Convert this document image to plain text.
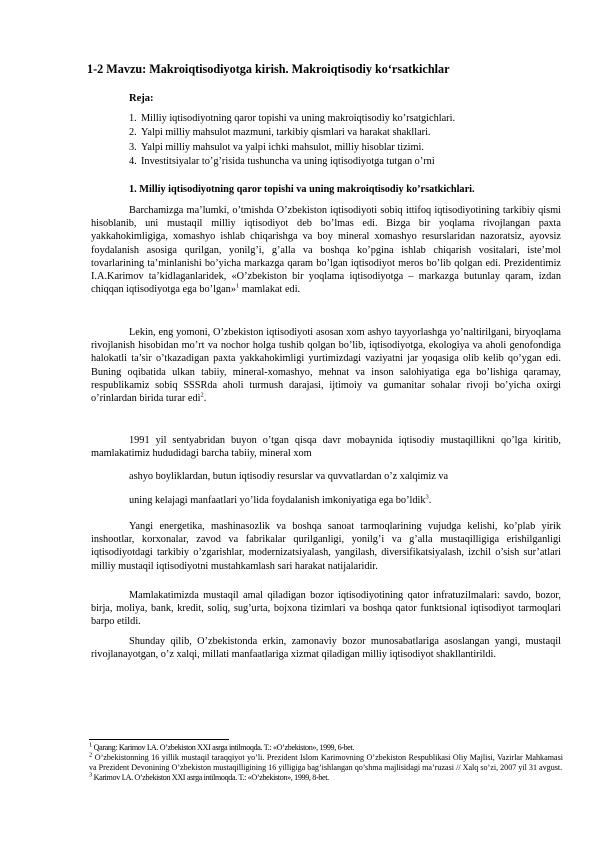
1-2 Mavzu: Makroiqtisodiyotga kirish. Makroiqtisodiy ko‘rsatkichlar
Reja:
1. Milliy iqtisodiyotning qaror topishi va uning makroiqtisodiy ko’rsatgichlari.
2. Yalpi milliy mahsulot mazmuni, tarkibiy qismlari va harakat shakllari.
3. Yalpi milliy mahsulot va yalpi ichki mahsulot, milliy hisoblar tizimi.
4. Investitsiyalar to’g’risida tushuncha va uning iqtisodiyotga tutgan o’rni
1. Milliy iqtisodiyotning qaror topishi va uning makroiqtisodiy ko’rsatkichlari.

Barchamizga ma’lumki, o’tmishda O’zbekiston iqtisodiyoti sobiq ittifoq iqtisodiyotining tarkibiy qismi hisoblanib, uni mustaqil milliy iqtisodiyot deb bo’lmas edi. Bizga bir yoqlama rivojlangan paxta yakkahokimligiga, xomashyo ishlab chiqarishga va boy mineral xomashyo resurslaridan nazoratsiz, ayovsiz foydalanish asosiga qurilgan, yonilg’i, g’alla va boshqa ko’pgina ishlab chiqarish vositalari, iste’mol tovarlarining ta’minlanishi bo’yicha markazga qaram bo’lgan iqtisodiyot meros bo’lib qolgan edi. Prezidentimiz I.A.Karimov ta’kidlaganlaridek, «O’zbekiston bir yoqlama iqtisodiyotga – markazga butunlay qaram, izdan chiqqan iqtisodiyotga ega bo’lgan»$^1$ mamlakat edi.

Lekin, eng yomoni, O’zbekiston iqtisodiyoti asosan xom ashyo tayyorlashga yo’naltirilgani, biryoqlama rivojlanish hisobidan mo’rt va nochor holga tushib qolgan bo’lib, iqtisodiyotga, ekologiya va aholi genofondiga halokatli ta’sir o’tkazadigan paxta yakkahokimligi yurtimizdagi vaziyatni jar yoqasiga olib kelib qo’ygan edi. Buning oqibatida ulkan tabiiy, mineral-xomashyo, mehnat va inson salohiyatiga ega bo’lishiga qaramay, respublikamiz sobiq SSSRda aholi turmush darajasi, ijtimoiy va gumanitar sohalar rivoji bo’yicha oxirgi o’rinlardan birida turar edi$^2$.

1991 yil sentyabridan buyon o’tgan qisqa davr mobaynida iqtisodiy mustaqillikni qo’lga kiritib, mamlakatimiz hududidagi barcha tabiiy, mineral xom

ashyo boyliklardan, butun iqtisodiy resurslar va quvvatlardan o’z xalqimiz va

uning kelajagi manfaatlari yo’lida foydalanish imkoniyatiga ega bo’ldik$^3$.

Yangi energetika, mashinasozlik va boshqa sanoat tarmoqlarining vujudga kelishi, ko’plab yirik inshootlar, korxonalar, zavod va fabrikalar qurilganligi, yonilg’i va g’alla mustaqilligiga erishilganligi iqtisodiyotdagi tarkibiy o’zgarishlar, modernizatsiyalash, yangilash, diversifikatsiyalash, izchil o’sish sur’atlari milliy mustaqil iqtisodiyotni mustahkamlash sari harakat natijalaridir.

Mamlakatimizda mustaqil amal qiladigan bozor iqtisodiyotining qator infratuzilmalari: savdo, bozor, birja, moliya, bank, kredit, soliq, sug’urta, bojxona tizimlari va boshqa qator funktsional iqtisodiyot tarmoqlari barpo etildi.

Shunday qilib, O’zbekistonda erkin, zamonaviy bozor munosabatlariga asoslangan yangi, mustaqil rivojlanayotgan, o’z xalqi, millati manfaatlariga xizmat qiladigan milliy iqtisodiyot shakllantirildi.

$^1$ Qarang: Karimov I.A. O’zbekiston XXI asrga intilmoqda. T.: «O’zbekiston», 1999, 6-bet.

$^2$ O’zbekistonning 16 yillik mustaqil taraqqiyot yo’li. Prezident Islom Karimovning O’zbekiston Respublikasi Oliy Majlisi, Vazirlar Mahkamasi va Prezident Devonining O’zbekiston mustaqilligining 16 yilligiga bag’ishlangan qo’shma majlisidagi ma’ruzasi // Xalq so’zi, 2007 yil 31 avgust.

$^3$ Karimov I.A. O’zbekiston XXI asrga intilmoqda. T.: «O’zbekiston», 1999, 8-bet.
